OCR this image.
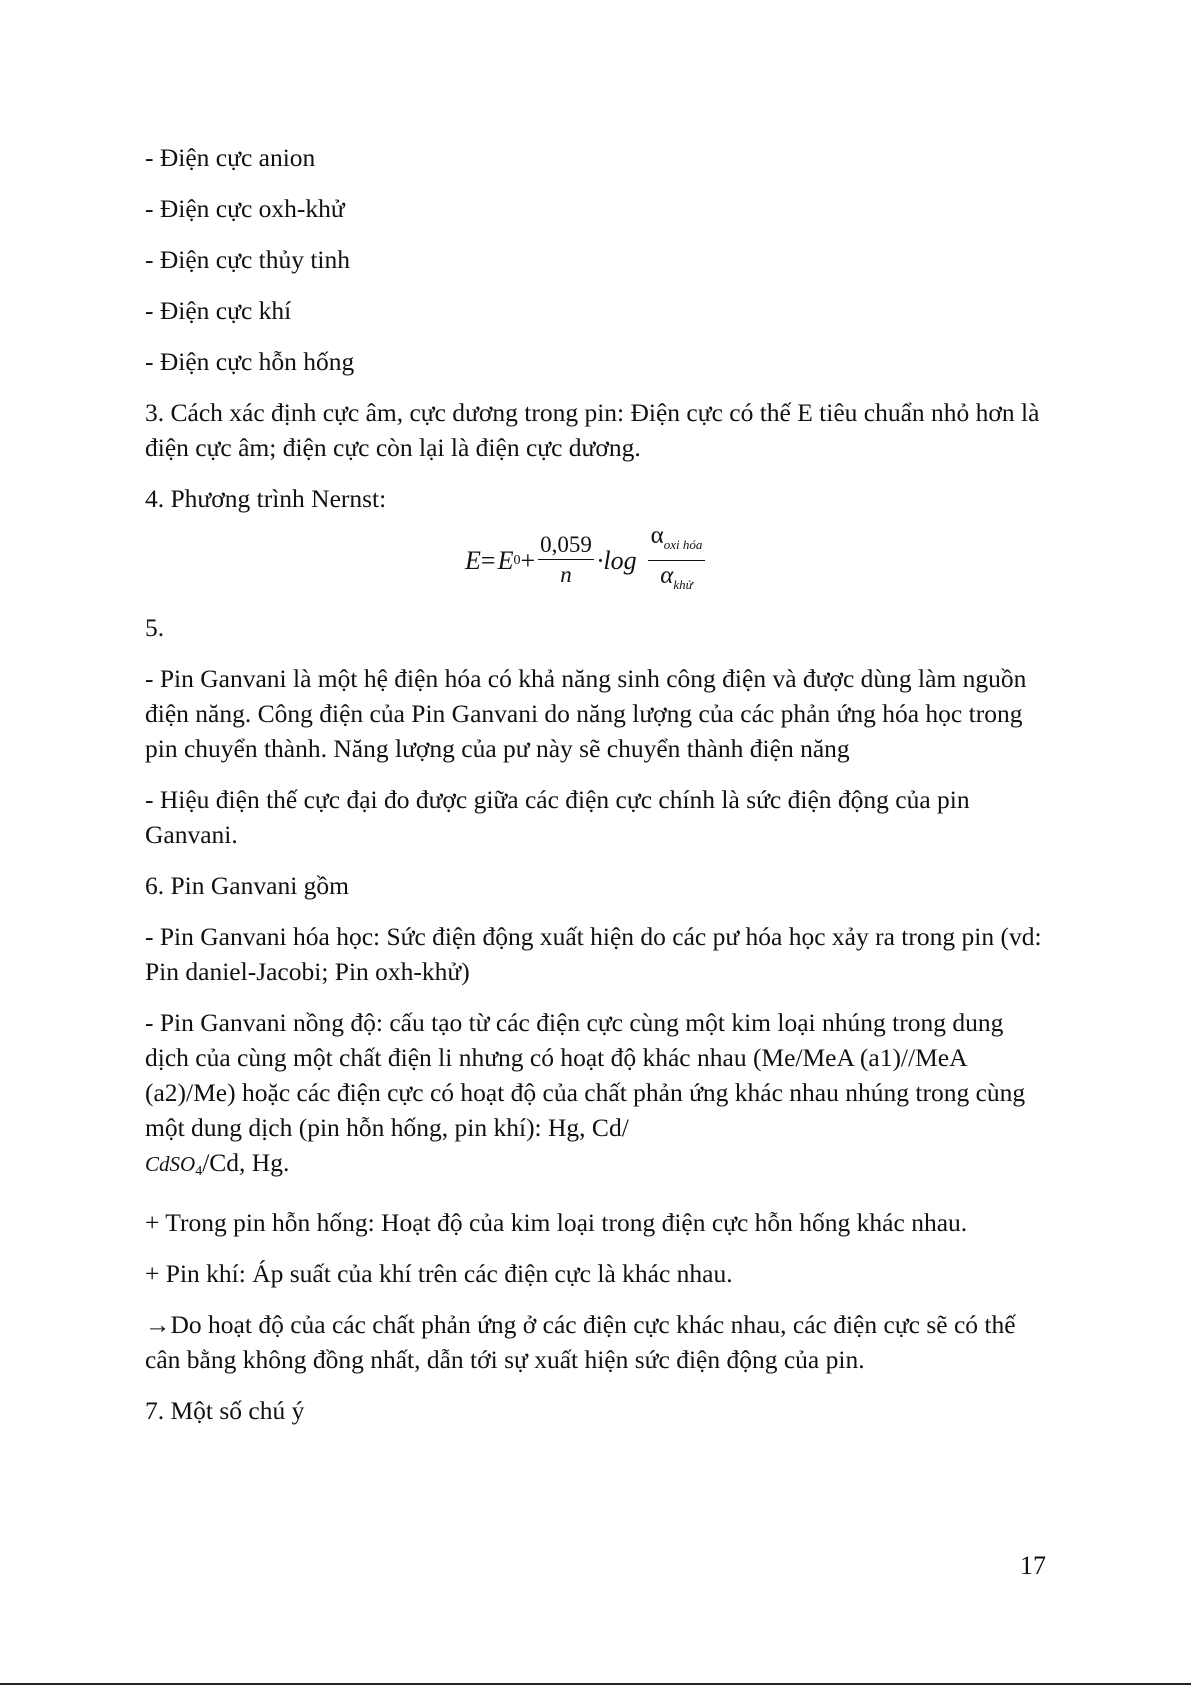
- Điện cực anion

- Điện cực oxh-khử

- Điện cực thủy tinh

- Điện cực khí

- Điện cực hỗn hống

3. Cách xác định cực âm, cực dương trong pin: Điện cực có thế E tiêu chuẩn nhỏ hơn là điện cực âm; điện cực còn lại là điện cực dương.

4. Phương trình Nernst:

E = E $0 + \frac{0,059}{n} \cdot\log \frac{\alpha_{oxi hóa}}{\alpha_{khử}}$

5.

- Pin Ganvani là một hệ điện hóa có khả năng sinh công điện và được dùng làm nguồn điện năng. Công điện của Pin Ganvani do năng lượng của các phản ứng hóa học trong pin chuyển thành. Năng lượng của pư này sẽ chuyển thành điện năng

- Hiệu điện thế cực đại đo được giữa các điện cực chính là sức điện động của pin Ganvani.

6. Pin Ganvani gồm

- Pin Ganvani hóa học: Sức điện động xuất hiện do các pư hóa học xảy ra trong pin (vd: Pin daniel-Jacobi; Pin oxh-khử)

- Pin Ganvani nồng độ: cấu tạo từ các điện cực cùng một kim loại nhúng trong dung dịch của cùng một chất điện li nhưng có hoạt độ khác nhau (Me/MeA (a1)//MeA (a2)/Me) hoặc các điện cực có hoạt độ của chất phản ứng khác nhau nhúng trong cùng một dung dịch (pin hỗn hống, pin khí): Hg, Cd/
CdSO4/Cd, Hg.

+ Trong pin hỗn hống: Hoạt độ của kim loại trong điện cực hỗn hống khác nhau.

+ Pin khí: Áp suất của khí trên các điện cực là khác nhau.

→Do hoạt độ của các chất phản ứng ở các điện cực khác nhau, các điện cực sẽ có thế cân bằng không đồng nhất, dẫn tới sự xuất hiện sức điện động của pin.

7. Một số chú ý

17
